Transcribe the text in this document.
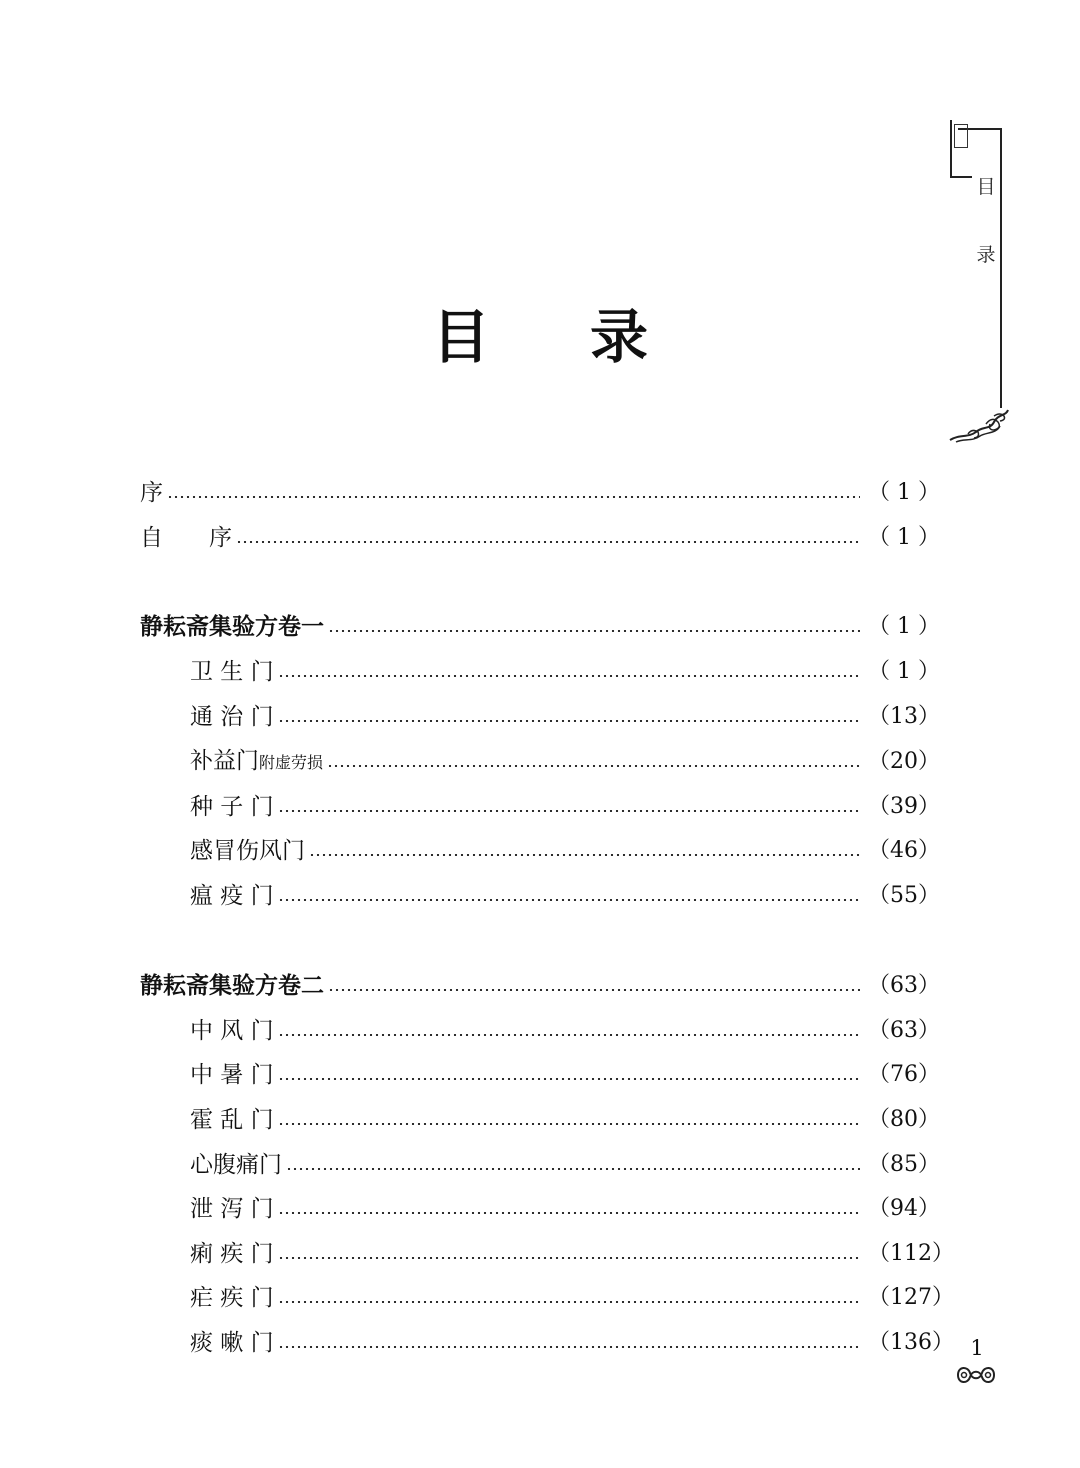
目
录
目 录
序	（ 1 ）
自　　序	（ 1 ）
静耘斋集验方卷一	（ 1 ）
卫 生 门	（ 1 ）
通 治 门	（13）
补益门附虚劳损	（20）
种 子 门	（39）
感冒伤风门	（46）
瘟 疫 门	（55）
静耘斋集验方卷二	（63）
中 风 门	（63）
中 暑 门	（76）
霍 乱 门	（80）
心腹痛门	（85）
泄 泻 门	（94）
痢 疾 门	（112）
疟 疾 门	（127）
痰 嗽 门	（136） 1
